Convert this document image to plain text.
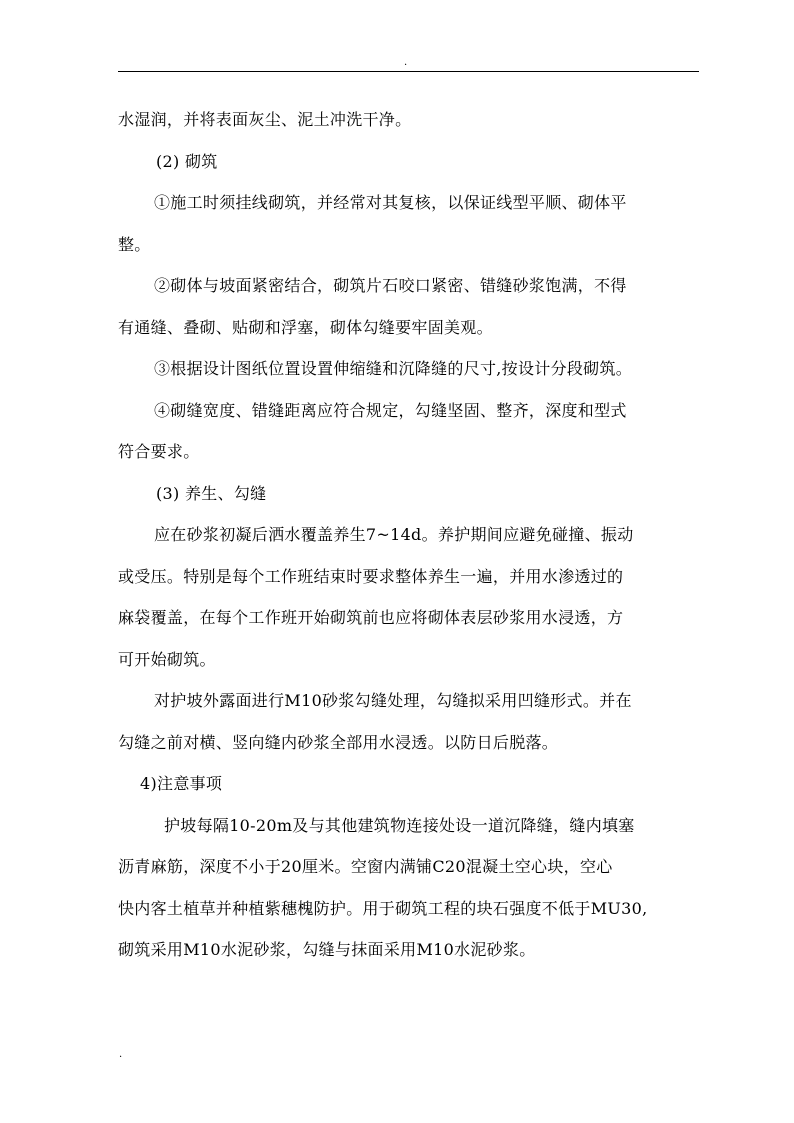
.

水湿润，并将表面灰尘、泥土冲洗干净。

(2) 砌筑

①施工时须挂线砌筑，并经常对其复核，以保证线型平顺、砌体平

整。

②砌体与坡面紧密结合，砌筑片石咬口紧密、错缝砂浆饱满，不得

有通缝、叠砌、贴砌和浮塞，砌体勾缝要牢固美观。

③根据设计图纸位置设置伸缩缝和沉降缝的尺寸,按设计分段砌筑。

④砌缝宽度、错缝距离应符合规定，勾缝坚固、整齐，深度和型式

符合要求。

(3) 养生、勾缝

应在砂浆初凝后洒水覆盖养生7~14d。养护期间应避免碰撞、振动

或受压。特别是每个工作班结束时要求整体养生一遍，并用水渗透过的

麻袋覆盖，在每个工作班开始砌筑前也应将砌体表层砂浆用水浸透，方

可开始砌筑。

对护坡外露面进行M10砂浆勾缝处理，勾缝拟采用凹缝形式。并在

勾缝之前对横、竖向缝内砂浆全部用水浸透。以防日后脱落。

4)注意事项

护坡每隔10-20m及与其他建筑物连接处设一道沉降缝，缝内填塞

沥青麻筋，深度不小于20厘米。空窗内满铺C20混凝土空心块，空心

快内客土植草并种植紫穗槐防护。用于砌筑工程的块石强度不低于MU30,

砌筑采用M10水泥砂浆，勾缝与抹面采用M10水泥砂浆。

.
